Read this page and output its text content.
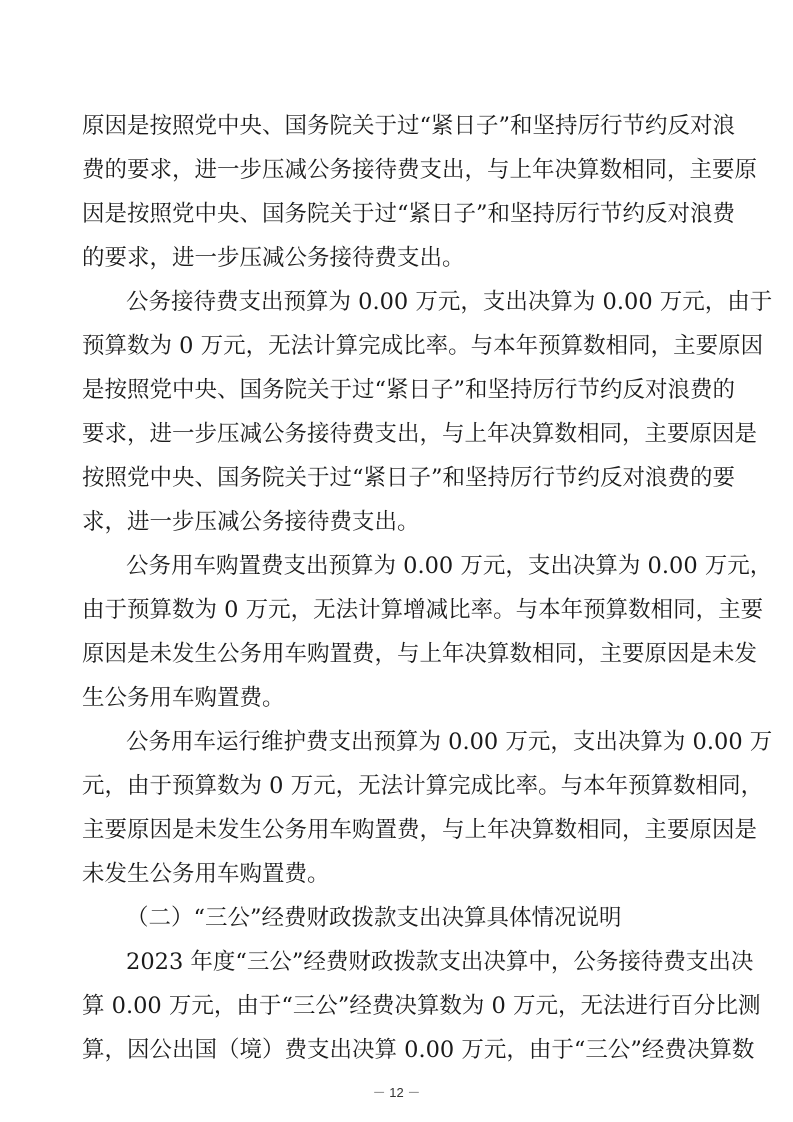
原因是按照党中央、国务院关于过“紧日子”和坚持厉行节约反对浪
费的要求，进一步压减公务接待费支出，与上年决算数相同，主要原
因是按照党中央、国务院关于过“紧日子”和坚持厉行节约反对浪费
的要求，进一步压减公务接待费支出。
公务接待费支出预算为 0.00 万元，支出决算为 0.00 万元，由于
预算数为 0 万元，无法计算完成比率。与本年预算数相同，主要原因
是按照党中央、国务院关于过“紧日子”和坚持厉行节约反对浪费的
要求，进一步压减公务接待费支出，与上年决算数相同，主要原因是
按照党中央、国务院关于过“紧日子”和坚持厉行节约反对浪费的要
求，进一步压减公务接待费支出。
公务用车购置费支出预算为 0.00 万元，支出决算为 0.00 万元，
由于预算数为 0 万元，无法计算增减比率。与本年预算数相同，主要
原因是未发生公务用车购置费，与上年决算数相同，主要原因是未发
生公务用车购置费。
公务用车运行维护费支出预算为 0.00 万元，支出决算为 0.00 万
元，由于预算数为 0 万元，无法计算完成比率。与本年预算数相同，
主要原因是未发生公务用车购置费，与上年决算数相同，主要原因是
未发生公务用车购置费。
（二）“三公”经费财政拨款支出决算具体情况说明
2023 年度“三公”经费财政拨款支出决算中，公务接待费支出决
算 0.00 万元，由于“三公”经费决算数为 0 万元，无法进行百分比测
算，因公出国（境）费支出决算 0.00 万元，由于“三公”经费决算数
－ 12 －
